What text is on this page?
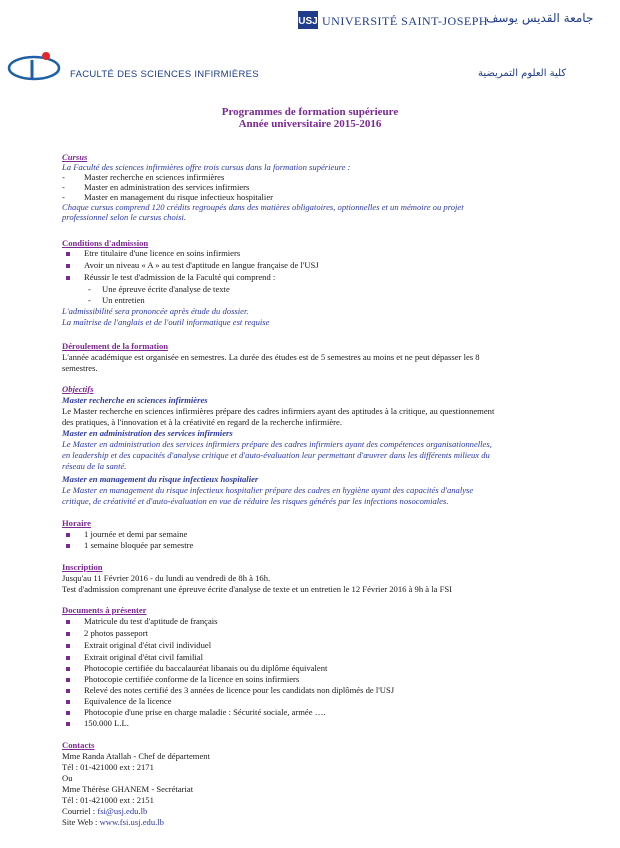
USJ UNIVERSITÉ SAINT-JOSEPH
جامعة القديس يوسف
FACULTÉ DES SCIENCES INFIRMIÈRES	كلية العلوم التمريضية
Programmes de formation supérieure
Année universitaire 2015-2016
Cursus
La Faculté des sciences infirmières offre trois cursus dans la formation supérieure :
- Master recherche en sciences infirmières
- Master en administration des services infirmiers
- Master en management du risque infectieux hospitalier
Chaque cursus comprend 120 crédits regroupés dans des matières obligatoires, optionnelles et un mémoire ou projet
professionnel selon le cursus choisi.
Conditions d'admission
Etre titulaire d'une licence en soins infirmiers
Avoir un niveau « A » au test d'aptitude en langue française de l'USJ
Réussir le test d'admission de la Faculté qui comprend :
- Une épreuve écrite d'analyse de texte
- Un entretien
L'admissibilité sera prononcée après étude du dossier.
La maîtrise de l'anglais et de l'outil informatique est requise
Déroulement de la formation
L'année académique est organisée en semestres. La durée des études est de 5 semestres au moins et ne peut dépasser les 8
semestres.
Objectifs
Master recherche en sciences infirmières
Le Master recherche en sciences infirmières prépare des cadres infirmiers ayant des aptitudes à la critique, au questionnement
des pratiques, à l'innovation et à la créativité en regard de la recherche infirmière.
Master en administration des services infirmiers
Le Master en administration des services infirmiers prépare des cadres infirmiers ayant des compétences organisationnelles,
en leadership et des capacités d'analyse critique et d'auto-évaluation leur permettant d'œuvrer dans les différents milieux du
réseau de la santé.
Master en management du risque infectieux hospitalier
Le Master en management du risque infectieux hospitalier prépare des cadres en hygiène ayant des capacités d'analyse
critique, de créativité et d'auto-évaluation en vue de réduire les risques générés par les infections nosocomiales.
Horaire
1 journée et demi par semaine
1 semaine bloquée par semestre
Inscription
Jusqu'au 11 Février 2016 - du lundi au vendredi de 8h à 16h.
Test d'admission comprenant une épreuve écrite d'analyse de texte et un entretien le 12 Février 2016 à 9h à la FSI
Documents à présenter
Matricule du test d'aptitude de français
2 photos passeport
Extrait original d'état civil individuel
Extrait original d'état civil familial
Photocopie certifiée du baccalauréat libanais ou du diplôme équivalent
Photocopie certifiée conforme de la licence en soins infirmiers
Relevé des notes certifié des 3 années de licence pour les candidats non diplômés de l'USJ
Equivalence de la licence
Photocopie d'une prise en charge maladie : Sécurité sociale, armée ….
150.000 L.L.
Contacts
Mme Randa Atallah - Chef de département
Tél : 01-421000 ext : 2171
Ou
Mme Thérèse GHANEM - Secrétariat
Tél : 01-421000 ext : 2151
Courriel : fsi@usj.edu.lb
Site Web : www.fsi.usj.edu.lb
